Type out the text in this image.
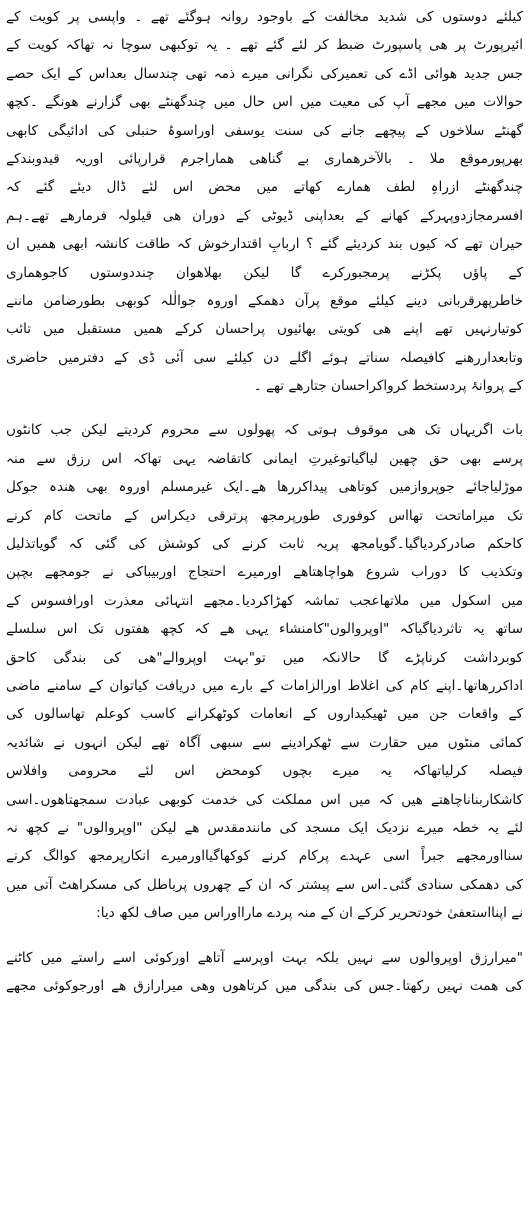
کیلئے دوستوں کی شدید مخالفت کے باوجود روانہ ہوگئے تھے ۔ واپسی پر کویت کے
ائیرپورٹ پر ھی پاسپورٹ ضبط کر لئے گئے تھے ۔ یہ توکبھی سوچا نہ تھاکہ کویت کے
جس جدید ھوائی اڈے کی تعمیرکی نگرانی میرے ذمہ تھی چندسال بعداس کے ایک حصے
حوالات میں مجھے آپ کی معیت میں اس حال میں چندگھنٹے بھی گزارنے ھونگے ۔کچھ
گھنٹے سلاخوں کے پیچھے جانے کی سنت یوسفی اوراسوۂ حنبلی کی ادائیگی کابھی
بھرپورموقع ملا ۔ بالآخرھماری بے گناھی ھماراجرم قرارپائی اوریہ قیدوبندکے
چندگھنٹے ازراہِ لطف ھمارے کھاتے میں محض اس لئے ڈال دیئے گئے کہ
افسرمجازدوپہرکے کھانے کے بعداپنی ڈیوٹی کے دوران ھی قیلولہ فرمارھے تھے۔ہم
حیران تھے کہ کیوں بند کردیئے گئے ؟ اربابِ اقتدارخوش کہ طاقت کانشہ ابھی ھمیں ان
کے پاؤں پکڑنے پرمجبورکرے گا لیکن بھلاھوان چنددوستوں کاجوھماری
خاطرپھرقربانی دینے کیلئے موقع پرآن دھمکے اوروہ جوالٰلہ کوبھی بطورضامن ماننے
کوتیارنہیں تھے اپنے ھی کویتی بھائیوں پراحسان کرکے ھمیں مستقبل میں تائب
وتابعداررھنے کافیصلہ سناتے ہوئے اگلے دن کیلئے سی آئی ڈی کے دفترمیں حاضری
کے پروانۂ پردستخط کرواکراحسان جتارھے تھے ۔
بات اگریہاں تک ھی موقوف ہوتی کہ پھولوں سے محروم کردیتے لیکن جب کانٹوں
پرسے بھی حق چھین لیاگیاتوغیرتِ ایمانی کاتقاضہ یہی تھاکہ اس رزق سے منہ
موڑلیاجائے جوپروازمیں کوتاھی پیداکررھا ھے۔ایک غیرمسلم اوروہ بھی ھندہ جوکل
تک میراماتحت تھااس کوفوری طورپرمجھ پرترقی دیکراس کے ماتحت کام کرنے
کاحکم صادرکردیاگیا۔گویامجھ پریہ ثابت کرنے کی کوشش کی گئی کہ گویاتذلیل
وتکذیب کا دوراب شروع ھواچاھتاھے اورمیرے احتجاج اوربیباکی نے جومجھے بچپن
میں اسکول میں ملاتھاعجب تماشہ کھڑاکردیا۔مجھے انتہائی معذرت اورافسوس کے
ساتھ یہ تاثردیاگیاکہ "اوپروالوں"کامنشاء یہی ھے کہ کچھ ھفتوں تک اس سلسلے
کوبرداشت کرناپڑے گا حالانکہ میں تو"بہت اوپروالے"ھی کی بندگی کاحق
اداکررھاتھا۔اپنے کام کی اغلاط اورالزامات کے بارے میں دریافت کیاتوان کے سامنے ماضی
کے واقعات جن میں ٹھیکیداروں کے انعامات کوٹھکرانے کاسب کوعلم تھاسالوں کی
کمائی منٹوں میں حقارت سے ٹھکرادینے سے سبھی آگاہ تھے لیکن انہوں نے شائدیہ
فیصلہ کرلیاتھاکہ یہ میرے بچوں کومحض اس لئے محرومی وافلاس
کاشکاربناناچاھتے ھیں کہ میں اس مملکت کی خدمت کوبھی عبادت سمجھتاھوں۔اسی
لئے یہ خطہ میرے نزدیک ایک مسجد کی مانندمقدس ھے لیکن "اوپروالوں" نے کچھ نہ
سنااورمجھے جبراً اسی عہدے پرکام کرنے کوکھاگیااورمیرے انکارپرمجھ کوالگ کرنے
کی دھمکی سنادی گئی۔اس سے پیشتر کہ ان کے چھروں پرباطل کی مسکراھٹ آتی میں
نے اپنااستعفیٰ خودتحریر کرکے ان کے منہ پردے مارااوراس میں صاف لکھ دیا:
"میرارزق اوپروالوں سے نہیں بلکہ بہت اوپرسے آتاھے اورکوئی اسے راستے میں کاٹنے
کی ھمت نہیں رکھتا۔جس کی بندگی میں کرتاھوں وھی میرارازق ھے اورجوکوئی مجھے
